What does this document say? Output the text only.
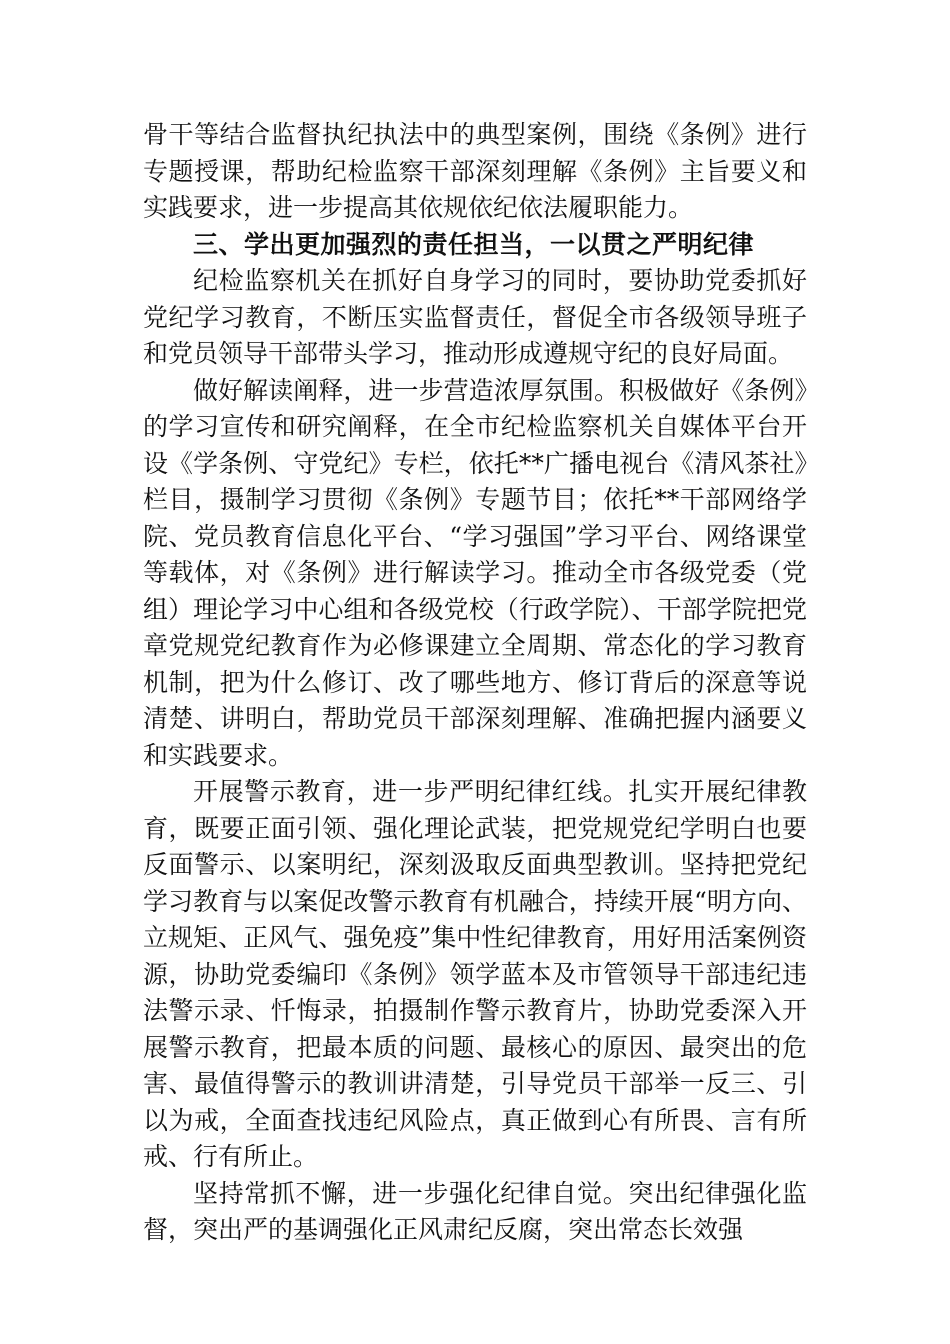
骨干等结合监督执纪执法中的典型案例，围绕《条例》进行专题授课，帮助纪检监察干部深刻理解《条例》主旨要义和实践要求，进一步提高其依规依纪依法履职能力。

三、学出更加强烈的责任担当，一以贯之严明纪律

纪检监察机关在抓好自身学习的同时，要协助党委抓好党纪学习教育，不断压实监督责任，督促全市各级领导班子和党员领导干部带头学习，推动形成遵规守纪的良好局面。

做好解读阐释，进一步营造浓厚氛围。积极做好《条例》的学习宣传和研究阐释，在全市纪检监察机关自媒体平台开设《学条例、守党纪》专栏，依托**广播电视台《清风茶社》栏目，摄制学习贯彻《条例》专题节目；依托**干部网络学院、党员教育信息化平台、“学习强国”学习平台、网络课堂等载体，对《条例》进行解读学习。推动全市各级党委（党组）理论学习中心组和各级党校（行政学院）、干部学院把党章党规党纪教育作为必修课建立全周期、常态化的学习教育机制，把为什么修订、改了哪些地方、修订背后的深意等说清楚、讲明白，帮助党员干部深刻理解、准确把握内涵要义和实践要求。

开展警示教育，进一步严明纪律红线。扎实开展纪律教育，既要正面引领、强化理论武装，把党规党纪学明白也要反面警示、以案明纪，深刻汲取反面典型教训。坚持把党纪学习教育与以案促改警示教育有机融合，持续开展“明方向、立规矩、正风气、强免疫”集中性纪律教育，用好用活案例资源，协助党委编印《条例》领学蓝本及市管领导干部违纪违法警示录、忏悔录，拍摄制作警示教育片，协助党委深入开展警示教育，把最本质的问题、最核心的原因、最突出的危害、最值得警示的教训讲清楚，引导党员干部举一反三、引以为戒，全面查找违纪风险点，真正做到心有所畏、言有所戒、行有所止。

坚持常抓不懈，进一步强化纪律自觉。突出纪律强化监督，突出严的基调强化正风肃纪反腐，突出常态长效强
